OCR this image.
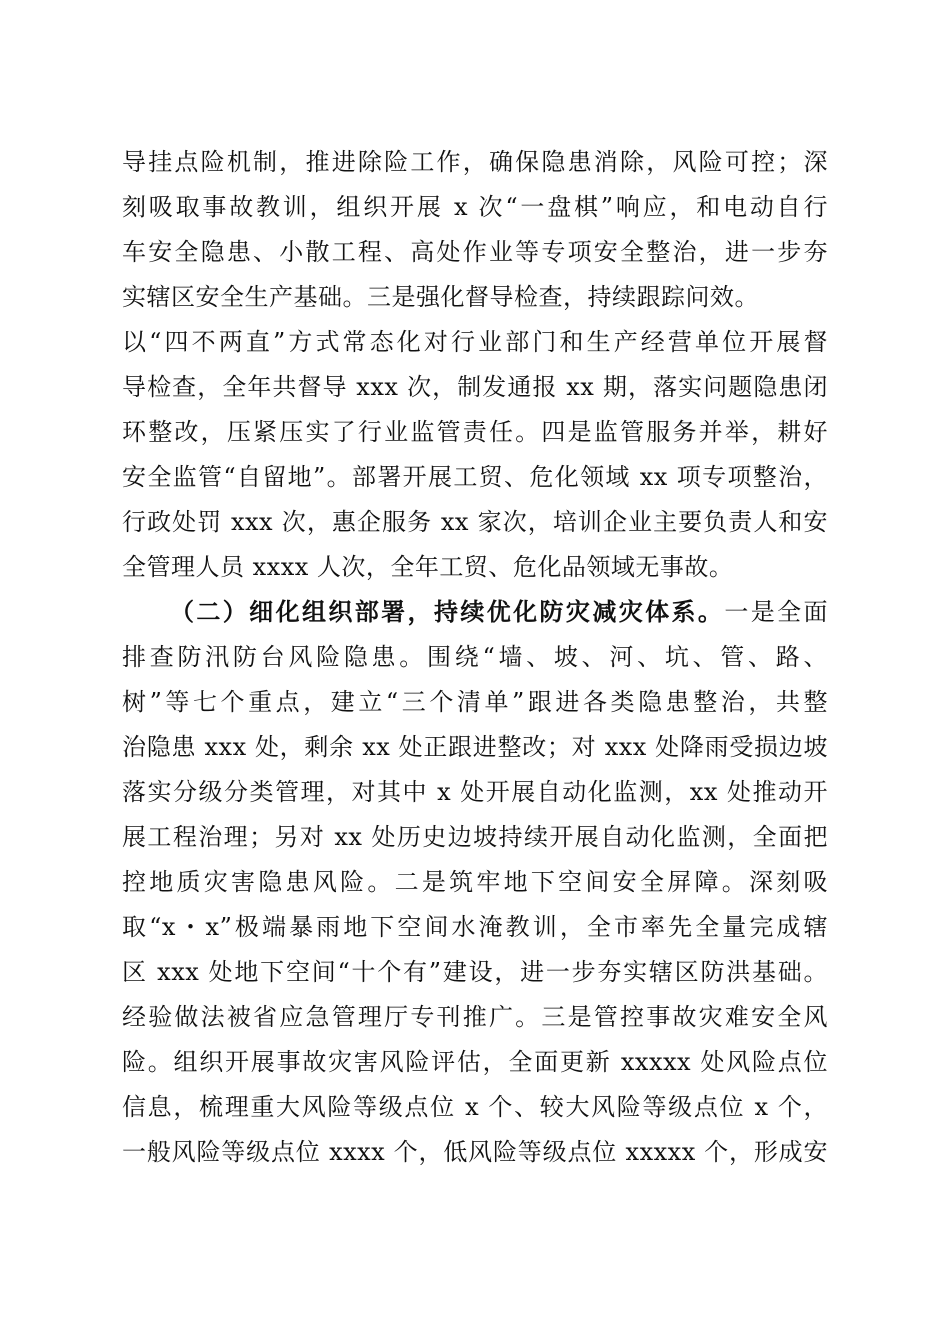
导挂点险机制，推进除险工作，确保隐患消除，风险可控；深
刻吸取事故教训，组织开展 x 次“一盘棋”响应，和电动自行
车安全隐患、小散工程、高处作业等专项安全整治，进一步夯
实辖区安全生产基础。三是强化督导检查，持续跟踪问效。
以“四不两直”方式常态化对行业部门和生产经营单位开展督
导检查，全年共督导 xxx 次，制发通报 xx 期，落实问题隐患闭
环整改，压紧压实了行业监管责任。四是监管服务并举，耕好
安全监管“自留地”。部署开展工贸、危化领域 xx 项专项整治，
行政处罚 xxx 次，惠企服务 xx 家次，培训企业主要负责人和安
全管理人员 xxxx 人次，全年工贸、危化品领域无事故。
（二）细化组织部署，持续优化防灾减灾体系。一是全面
排查防汛防台风险隐患。围绕“墙、坡、河、坑、管、路、
树”等七个重点，建立“三个清单”跟进各类隐患整治，共整
治隐患 xxx 处，剩余 xx 处正跟进整改；对 xxx 处降雨受损边坡
落实分级分类管理，对其中 x 处开展自动化监测，xx 处推动开
展工程治理；另对 xx 处历史边坡持续开展自动化监测，全面把
控地质灾害隐患风险。二是筑牢地下空间安全屏障。深刻吸
取“x・x”极端暴雨地下空间水淹教训，全市率先全量完成辖
区 xxx 处地下空间“十个有”建设，进一步夯实辖区防洪基础。
经验做法被省应急管理厅专刊推广。三是管控事故灾难安全风
险。组织开展事故灾害风险评估，全面更新 xxxxx 处风险点位
信息，梳理重大风险等级点位 x 个、较大风险等级点位 x 个，
一般风险等级点位 xxxx 个，低风险等级点位 xxxxx 个，形成安
